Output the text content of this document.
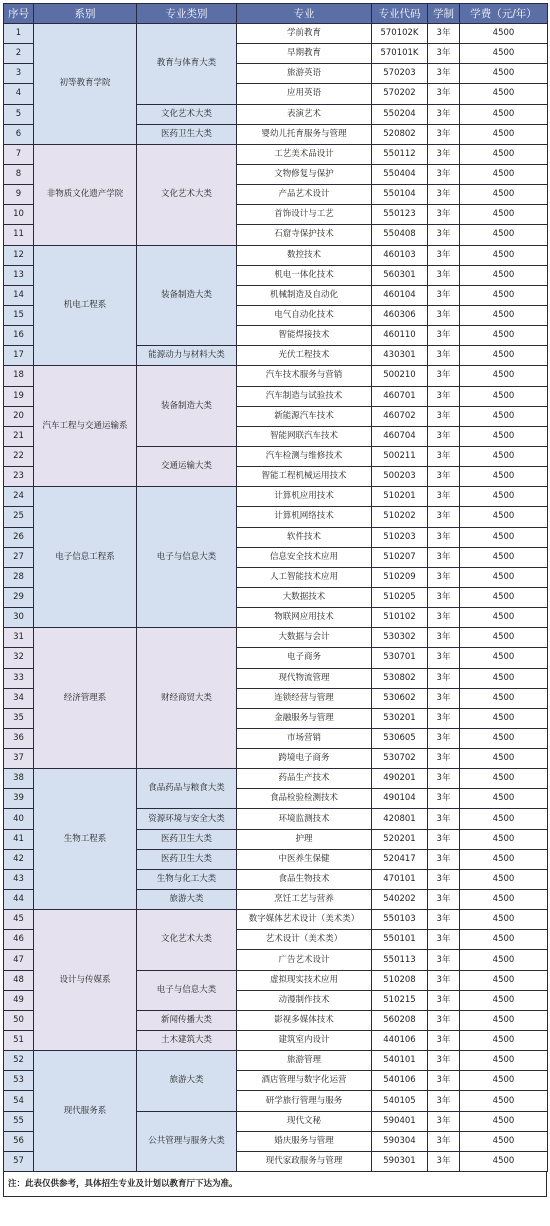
序号	系别	专业类别	专业	专业代码	学制	学费（元/年）
1	初等教育学院	教育与体育大类	学前教育	570102K	3年	4500
2			早期教育	570101K	3年	4500
3			旅游英语	570203	3年	4500
4			应用英语	570202	3年	4500
5		文化艺术大类	表演艺术	550204	3年	4500
6		医药卫生大类	婴幼儿托育服务与管理	520802	3年	4500
7	非物质文化遗产学院	文化艺术大类	工艺美术品设计	550112	3年	4500
8			文物修复与保护	550404	3年	4500
9			产品艺术设计	550104	3年	4500
10			首饰设计与工艺	550123	3年	4500
11			石窟寺保护技术	550408	3年	4500
12	机电工程系	装备制造大类	数控技术	460103	3年	4500
13			机电一体化技术	560301	3年	4500
14			机械制造及自动化	460104	3年	4500
15			电气自动化技术	460306	3年	4500
16			智能焊接技术	460110	3年	4500
17		能源动力与材料大类	光伏工程技术	430301	3年	4500
18	汽车工程与交通运输系	装备制造大类	汽车技术服务与营销	500210	3年	4500
19			汽车制造与试验技术	460701	3年	4500
20			新能源汽车技术	460702	3年	4500
21			智能网联汽车技术	460704	3年	4500
22		交通运输大类	汽车检测与维修技术	500211	3年	4500
23			智能工程机械运用技术	500203	3年	4500
24	电子信息工程系	电子与信息大类	计算机应用技术	510201	3年	4500
25			计算机网络技术	510202	3年	4500
26			软件技术	510203	3年	4500
27			信息安全技术应用	510207	3年	4500
28			人工智能技术应用	510209	3年	4500
29			大数据技术	510205	3年	4500
30			物联网应用技术	510102	3年	4500
31	经济管理系	财经商贸大类	大数据与会计	530302	3年	4500
32			电子商务	530701	3年	4500
33			现代物流管理	530802	3年	4500
34			连锁经营与管理	530602	3年	4500
35			金融服务与管理	530201	3年	4500
36			市场营销	530605	3年	4500
37			跨境电子商务	530702	3年	4500
38	生物工程系	食品药品与粮食大类	药品生产技术	490201	3年	4500
39			食品检验检测技术	490104	3年	4500
40		资源环境与安全大类	环境监测技术	420801	3年	4500
41		医药卫生大类	护理	520201	3年	4500
42		医药卫生大类	中医养生保健	520417	3年	4500
43		生物与化工大类	食品生物技术	470101	3年	4500
44		旅游大类	烹饪工艺与营养	540202	3年	4500
45	设计与传媒系	文化艺术大类	数字媒体艺术设计（美术类）	550103	3年	4500
46			艺术设计（美术类）	550101	3年	4500
47			广告艺术设计	550113	3年	4500
48		电子与信息大类	虚拟现实技术应用	510208	3年	4500
49			动漫制作技术	510215	3年	4500
50		新闻传播大类	影视多媒体技术	560208	3年	4500
51		土木建筑大类	建筑室内设计	440106	3年	4500
52	现代服务系	旅游大类	旅游管理	540101	3年	4500
53			酒店管理与数字化运营	540106	3年	4500
54			研学旅行管理与服务	540105	3年	4500
55		公共管理与服务大类	现代文秘	590401	3年	4500
56			婚庆服务与管理	590304	3年	4500
57			现代家政服务与管理	590301	3年	4500
注：此表仅供参考，具体招生专业及计划以教育厅下达为准。
